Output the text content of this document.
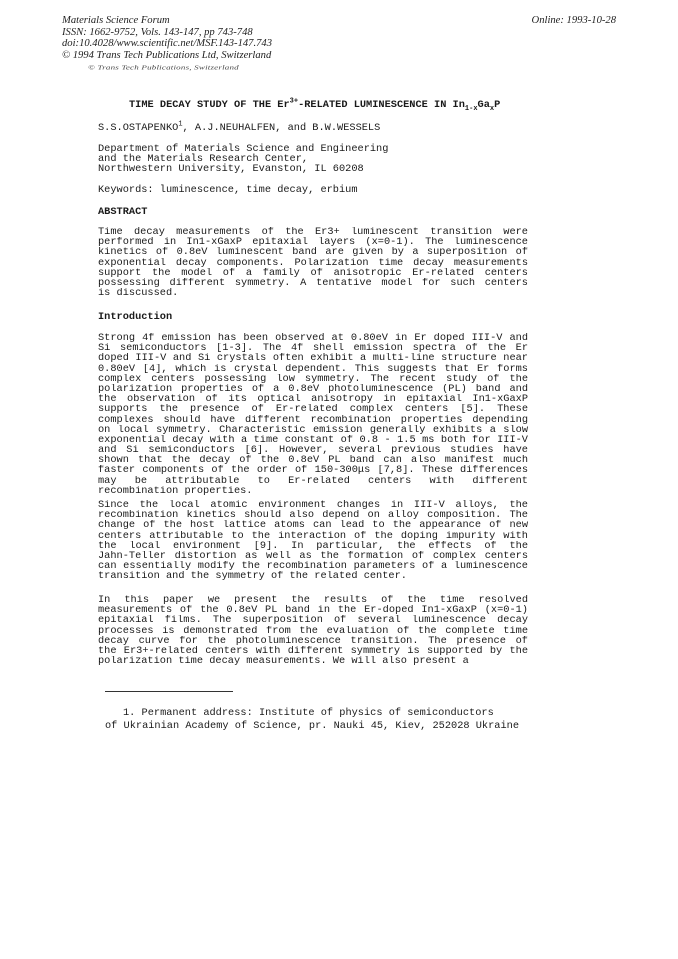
Materials Science Forum
ISSN: 1662-9752, Vols. 143-147, pp 743-748
doi:10.4028/www.scientific.net/MSF.143-147.743
© 1994 Trans Tech Publications Ltd, Switzerland
Online: 1993-10-28
© Trans Tech Publications, Switzerland
TIME DECAY STUDY OF THE $Er^{3+}$-RELATED LUMINESCENCE IN $In_{1-x}Ga_xP$
S.S.OSTAPENKO$^1$, A.J.NEUHALFEN, and B.W.WESSELS
Department of Materials Science and Engineering
and the Materials Research Center,
Northwestern University, Evanston, IL 60208
Keywords: luminescence, time decay, erbium
ABSTRACT
Time decay measurements of the Er3+ luminescent transition were
performed in In1-xGaxP epitaxial layers (x=0-1). The luminescence
kinetics of 0.8eV luminescent band are given by a superposition of
exponential decay components. Polarization time decay measurements
support the model of a family of anisotropic Er-related centers
possessing different symmetry. A tentative model for such centers
is discussed.
Introduction
Strong 4f emission has been observed at 0.80eV in Er doped III-V and
Si semiconductors [1-3]. The 4f shell emission spectra of the Er
doped III-V and Si crystals often exhibit a multi-line structure near
0.80eV [4], which is crystal dependent. This suggests that Er forms
complex centers possessing low symmetry. The recent study of the
polarization properties of a 0.8eV photoluminescence (PL) band and
the observation of its optical anisotropy in epitaxial In1-xGaxP
supports the presence of Er-related complex centers [5]. These
complexes should have different recombination properties depending
on local symmetry. Characteristic emission generally exhibits a slow
exponential decay with a time constant of 0.8 - 1.5 ms both for III-V
and Si semiconductors [6]. However, several previous studies have
shown that the decay of the 0.8eV PL band can also manifest much
faster components of the order of 150-300μs [7,8]. These differences
may be attributable to Er-related centers with different
recombination properties.
Since the local atomic environment changes in III-V alloys, the
recombination kinetics should also depend on alloy composition. The
change of the host lattice atoms can lead to the appearance of new
centers attributable to the interaction of the doping impurity with
the local environment [9]. In particular, the effects of the
Jahn-Teller distortion as well as the formation of complex centers
can essentially modify the recombination parameters of a luminescence
transition and the symmetry of the related center.
In this paper we present the results of the time resolved
measurements of the 0.8eV PL band in the Er-doped In1-xGaxP (x=0-1)
epitaxial films. The superposition of several luminescence decay
processes is demonstrated from the evaluation of the complete time
decay curve for the photoluminescence transition. The presence of
the Er3+-related centers with different symmetry is supported by the
polarization time decay measurements. We will also present a
1. Permanent address: Institute of physics of semiconductors
of Ukrainian Academy of Science, pr. Nauki 45, Kiev, 252028 Ukraine
